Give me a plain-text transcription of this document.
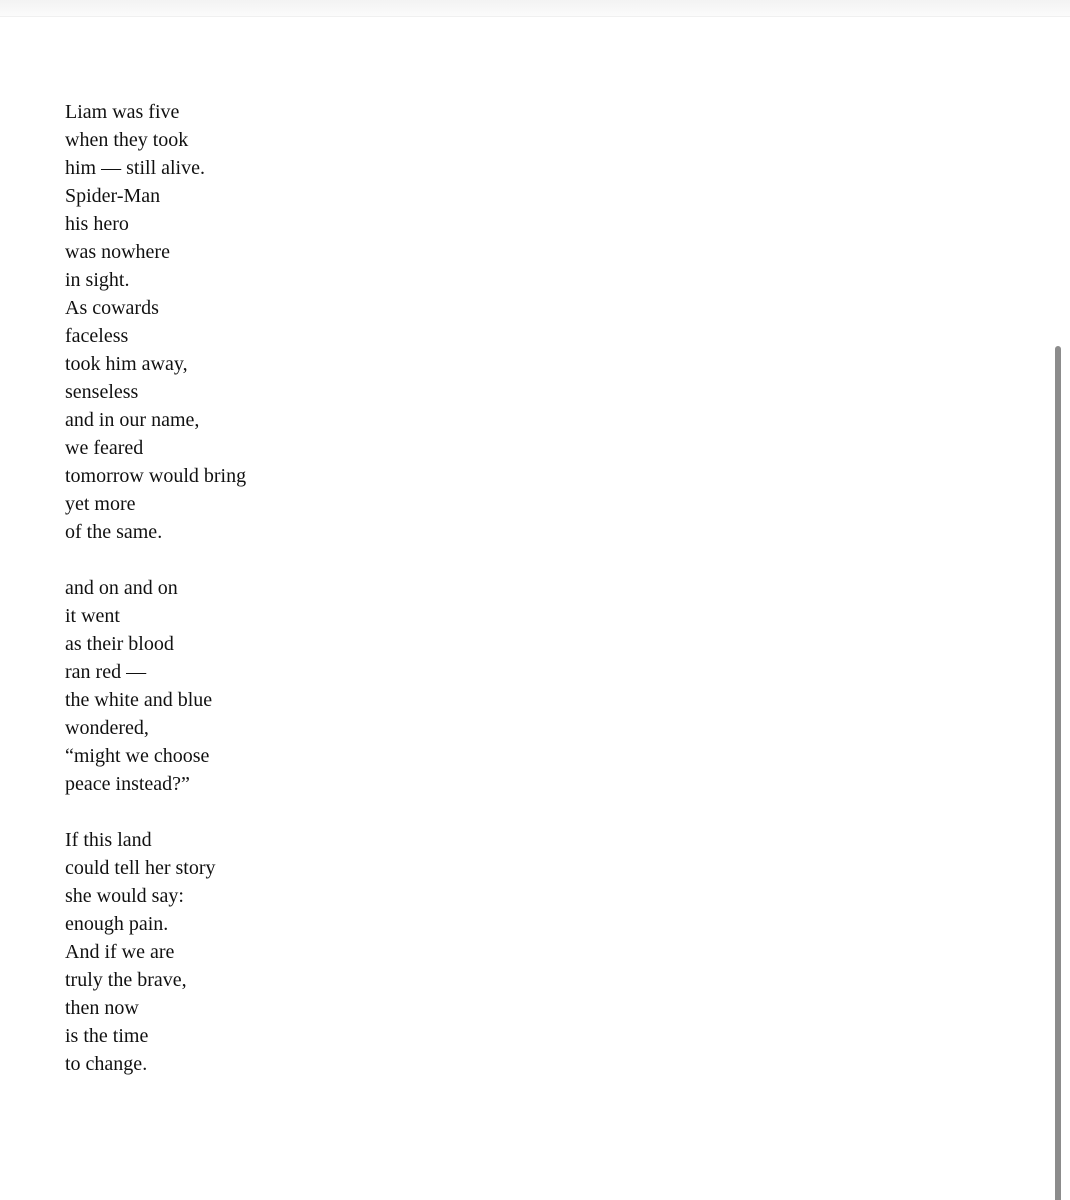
Liam was five
when they took
him — still alive.
Spider-Man
his hero
was nowhere
in sight.
As cowards
faceless
took him away,
senseless
and in our name,
we feared
tomorrow would bring
yet more
of the same.
and on and on
it went
as their blood
ran red —
the white and blue
wondered,
“might we choose
peace instead?”
If this land
could tell her story
she would say:
enough pain.
And if we are
truly the brave,
then now
is the time
to change.
